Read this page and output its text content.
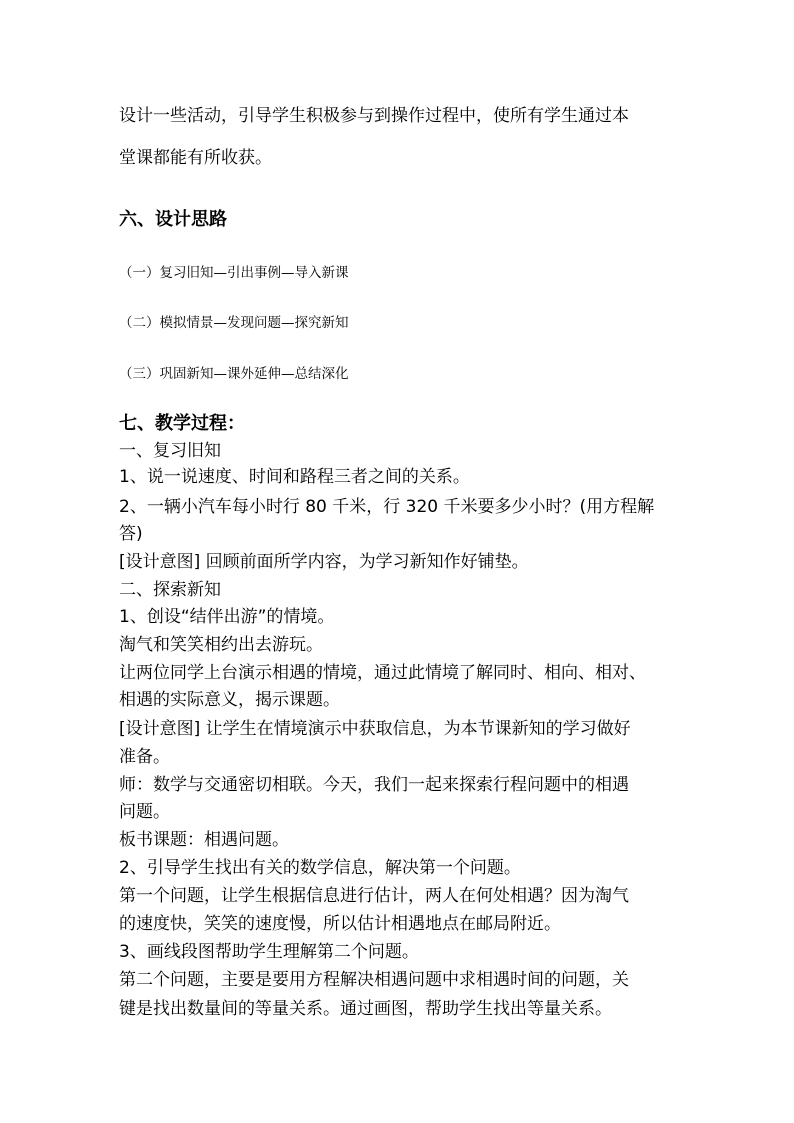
设计一些活动，引导学生积极参与到操作过程中，使所有学生通过本

堂课都能有所收获。

六、设计思路

（一）复习旧知—引出事例—导入新课

（二）模拟情景—发现问题—探究新知

（三）巩固新知—课外延伸—总结深化

七、教学过程：

一、复习旧知

1、说一说速度、时间和路程三者之间的关系。

2、一辆小汽车每小时行 80 千米，行 320 千米要多少小时？(用方程解

答)

[设计意图] 回顾前面所学内容，为学习新知作好铺垫。

二、探索新知

1、创设“结伴出游”的情境。

淘气和笑笑相约出去游玩。

让两位同学上台演示相遇的情境，通过此情境了解同时、相向、相对、

相遇的实际意义，揭示课题。

[设计意图] 让学生在情境演示中获取信息，为本节课新知的学习做好

准备。

师：数学与交通密切相联。今天，我们一起来探索行程问题中的相遇

问题。

板书课题：相遇问题。

2、引导学生找出有关的数学信息，解决第一个问题。

第一个问题，让学生根据信息进行估计，两人在何处相遇？因为淘气

的速度快，笑笑的速度慢，所以估计相遇地点在邮局附近。

3、画线段图帮助学生理解第二个问题。

第二个问题，主要是要用方程解决相遇问题中求相遇时间的问题，关

键是找出数量间的等量关系。通过画图，帮助学生找出等量关系。
